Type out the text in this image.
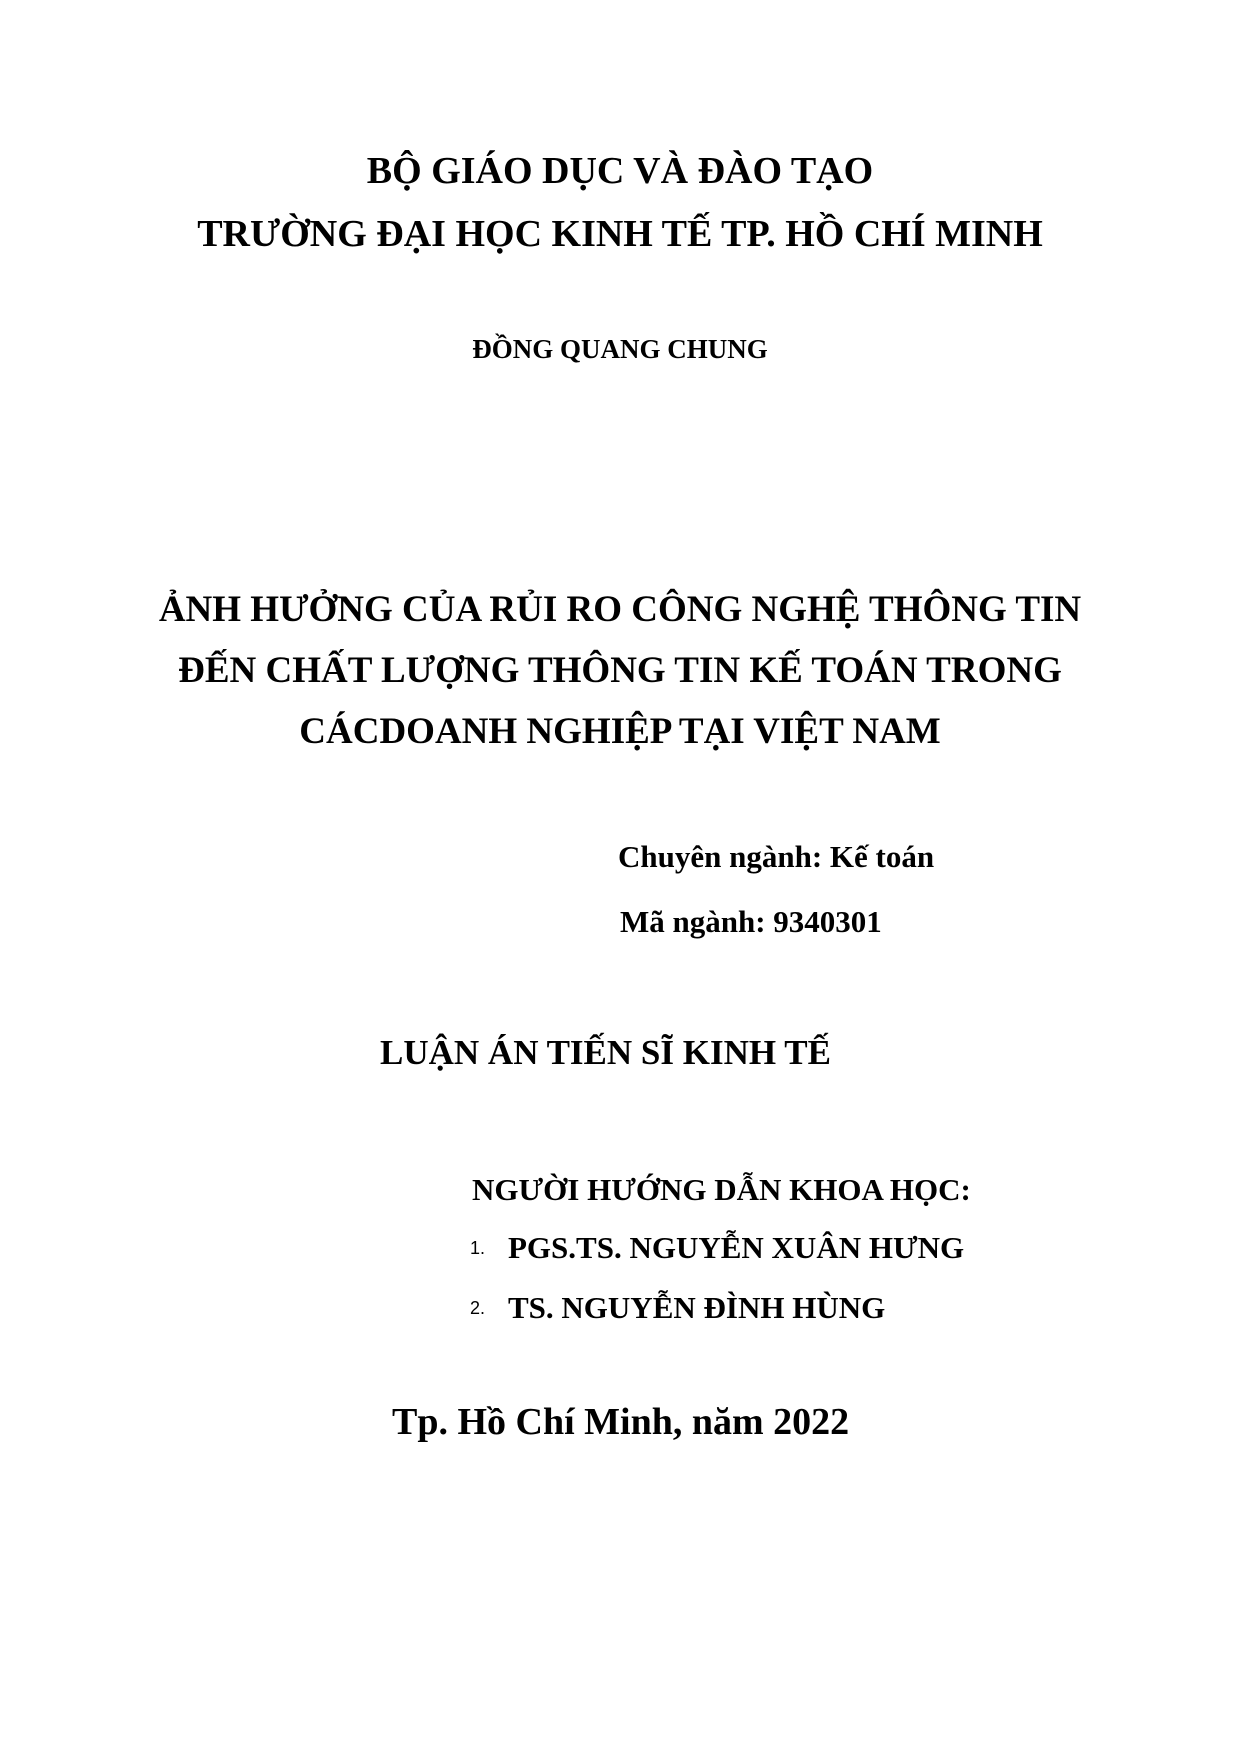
BỘ GIÁO DỤC VÀ ĐÀO TẠO
TRƯỜNG ĐẠI HỌC KINH TẾ TP. HỒ CHÍ MINH
ĐỒNG QUANG CHUNG
ẢNH HƯỞNG CỦA RỦI RO CÔNG NGHỆ THÔNG TIN
ĐẾN CHẤT LƯỢNG THÔNG TIN KẾ TOÁN TRONG
CÁCDOANH NGHIỆP TẠI VIỆT NAM
Chuyên ngành: Kế toán
Mã ngành: 9340301
LUẬN ÁN TIẾN SĨ KINH TẾ
NGƯỜI HƯỚNG DẪN KHOA HỌC:
1. PGS.TS. NGUYỄN XUÂN HƯNG
2. TS. NGUYỄN ĐÌNH HÙNG
Tp. Hồ Chí Minh, năm 2022
